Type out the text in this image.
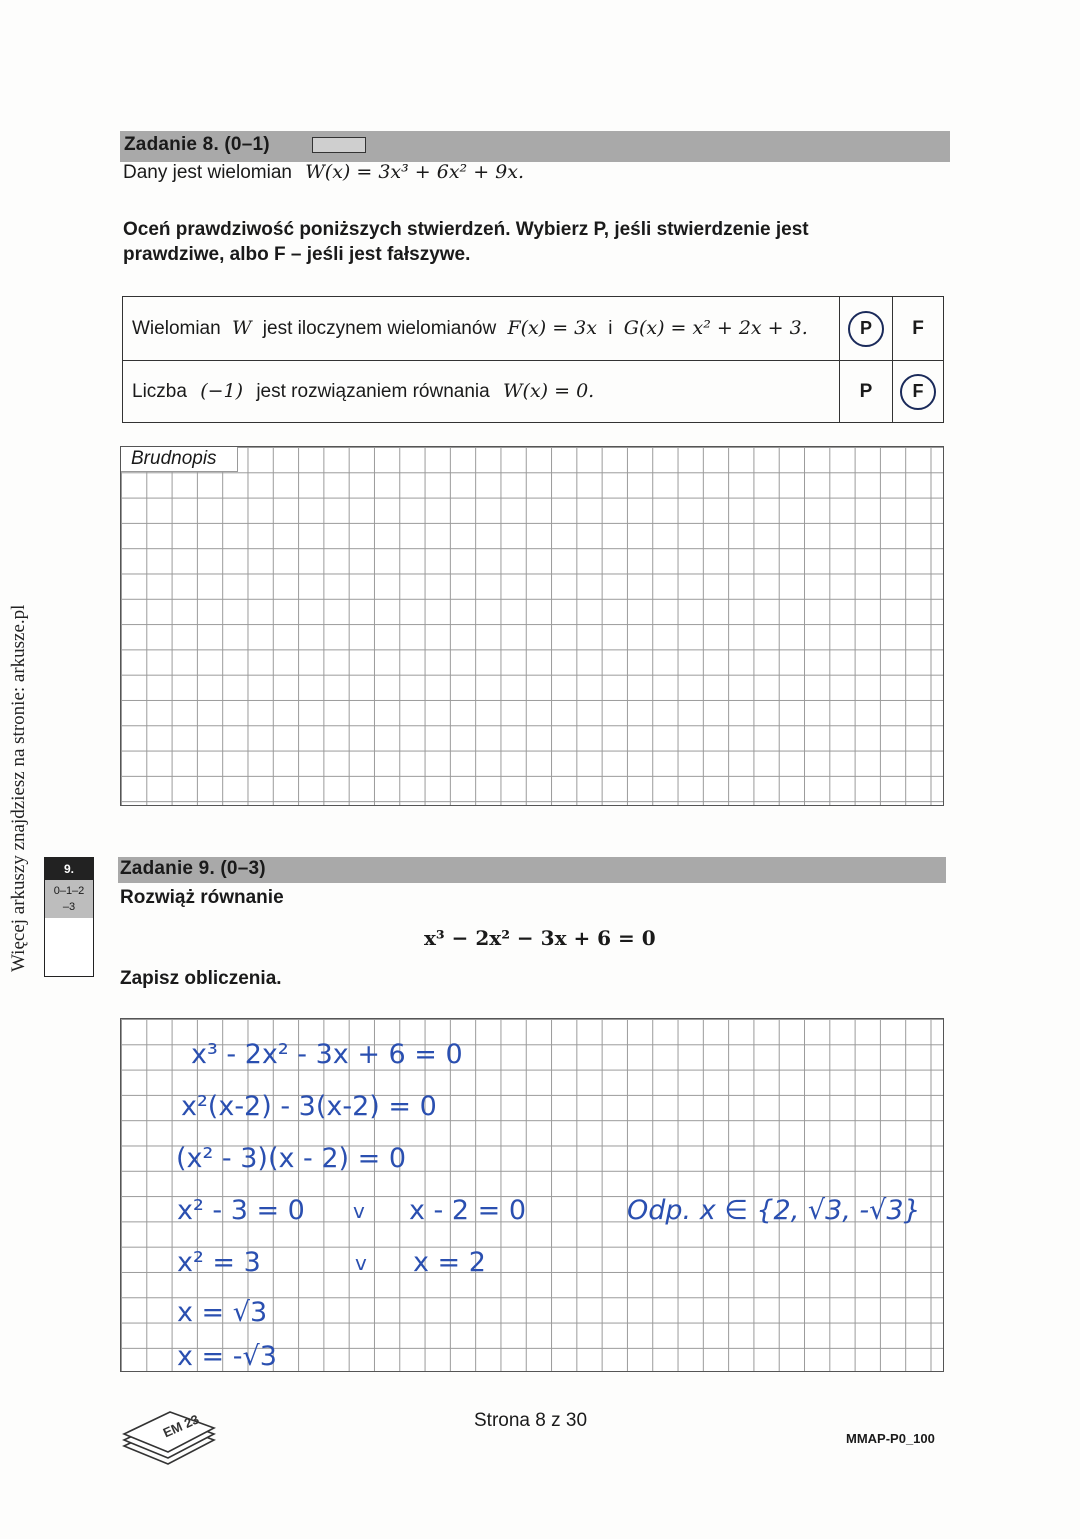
Więcej arkuszy znajdziesz na stronie: arkusze.pl
Zadanie 8. (0–1)
Dany jest wielomian W(x) = 3x³ + 6x² + 9x.
Oceń prawdziwość poniższych stwierdzeń. Wybierz P, jeśli stwierdzenie jest prawdziwe, albo F – jeśli jest fałszywe.
Wielomian W jest iloczynem wielomianów F(x) = 3x i G(x) = x² + 2x + 3.	P	F
Liczba (−1) jest rozwiązaniem równania W(x) = 0.	P	F
Brudnopis
9.
0–1–2–3
Zadanie 9. (0–3)
Rozwiąż równanie
x³ − 2x² − 3x + 6 = 0
Zapisz obliczenia.
x³ - 2x² - 3x + 6 = 0
x²(x-2) - 3(x-2) = 0
(x² - 3)(x - 2) = 0
x² - 3 = 0 v x - 2 = 0	Odp. x ∈ {2, √3, -√3}
x² = 3	v x = 2
x = √3
x = -√3
EM 23	Strona 8 z 30
MMAP-P0_100
